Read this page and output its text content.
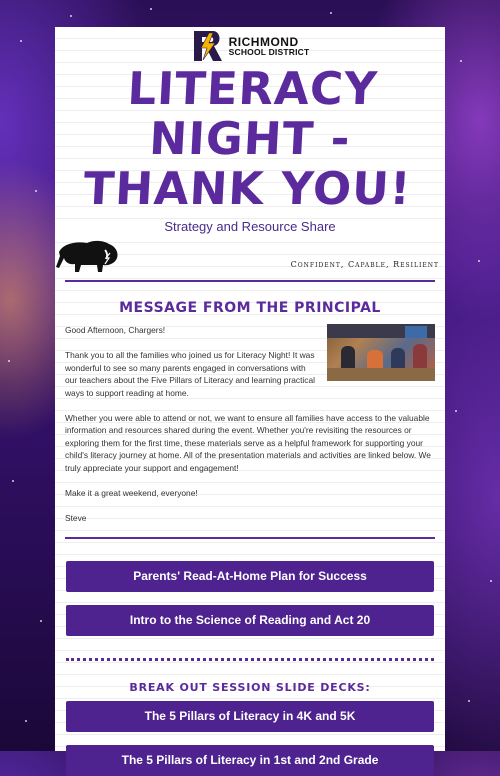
RICHMOND
SCHOOL DISTRICT
LITERACY NIGHT - THANK YOU!
Strategy and Resource Share
Confident, Capable, Resilient
MESSAGE FROM THE PRINCIPAL

Good Afternoon, Chargers!

Thank you to all the families who joined us for Literacy Night! It was wonderful to see so many parents engaged in conversations with our teachers about the Five Pillars of Literacy and learning practical ways to support reading at home.

Whether you were able to attend or not, we want to ensure all families have access to the valuable information and resources shared during the event. Whether you're revisiting the resources or exploring them for the first time, these materials serve as a helpful framework for supporting your child's literacy journey at home. All of the presentation materials and activities are linked below. We truly appreciate your support and engagement!

Make it a great weekend, everyone!

Steve

Parents' Read-At-Home Plan for Success
Intro to the Science of Reading and Act 20
BREAK OUT SESSION SLIDE DECKS:
The 5 Pillars of Literacy in 4K and 5K
The 5 Pillars of Literacy in 1st and 2nd Grade
